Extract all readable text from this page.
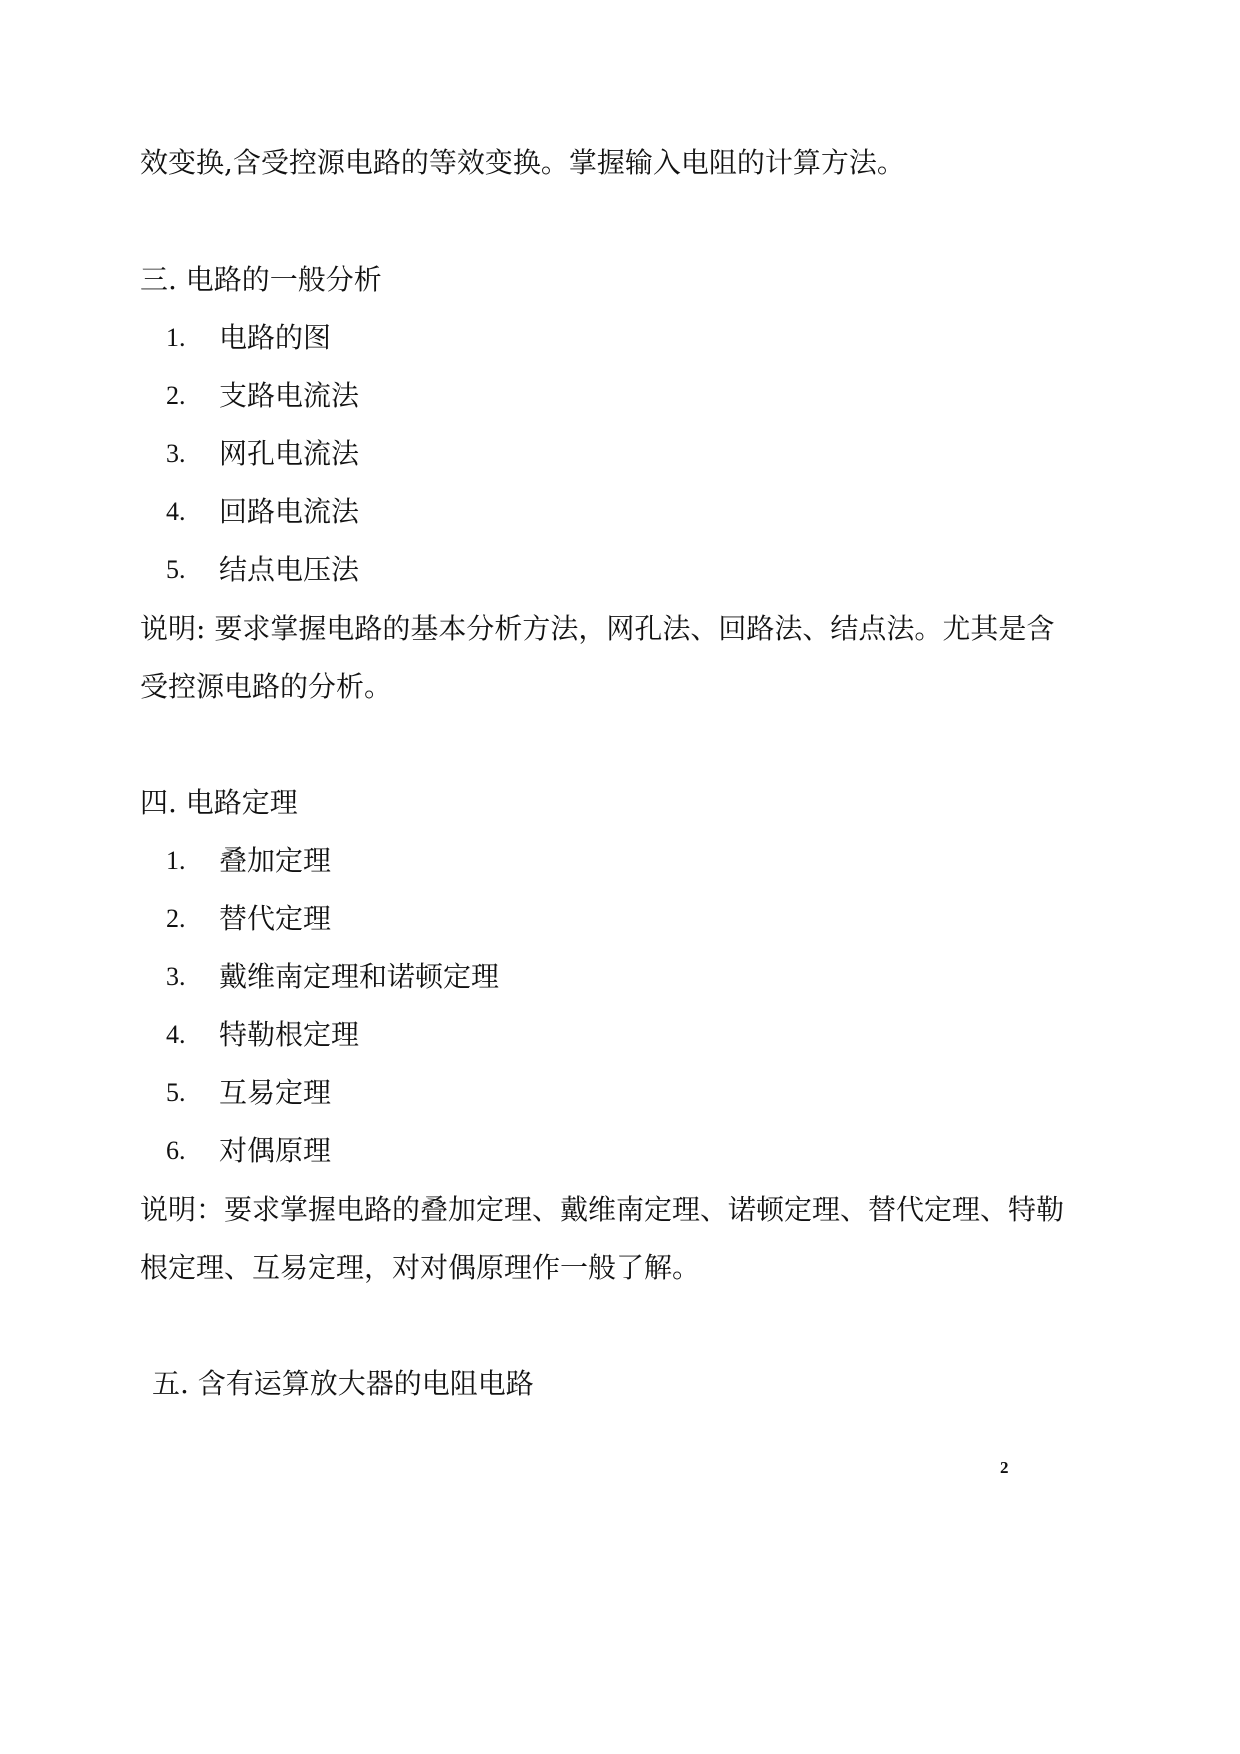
效变换,含受控源电路的等效变换。掌握输入电阻的计算方法。
三. 电路的一般分析
1. 电路的图
2. 支路电流法
3. 网孔电流法
4. 回路电流法
5. 结点电压法
说明: 要求掌握电路的基本分析方法，网孔法、回路法、结点法。尤其是含
受控源电路的分析。
四. 电路定理
1. 叠加定理
2. 替代定理
3. 戴维南定理和诺顿定理
4. 特勒根定理
5. 互易定理
6. 对偶原理
说明：要求掌握电路的叠加定理、戴维南定理、诺顿定理、替代定理、特勒
根定理、互易定理，对对偶原理作一般了解。
五. 含有运算放大器的电阻电路
2
